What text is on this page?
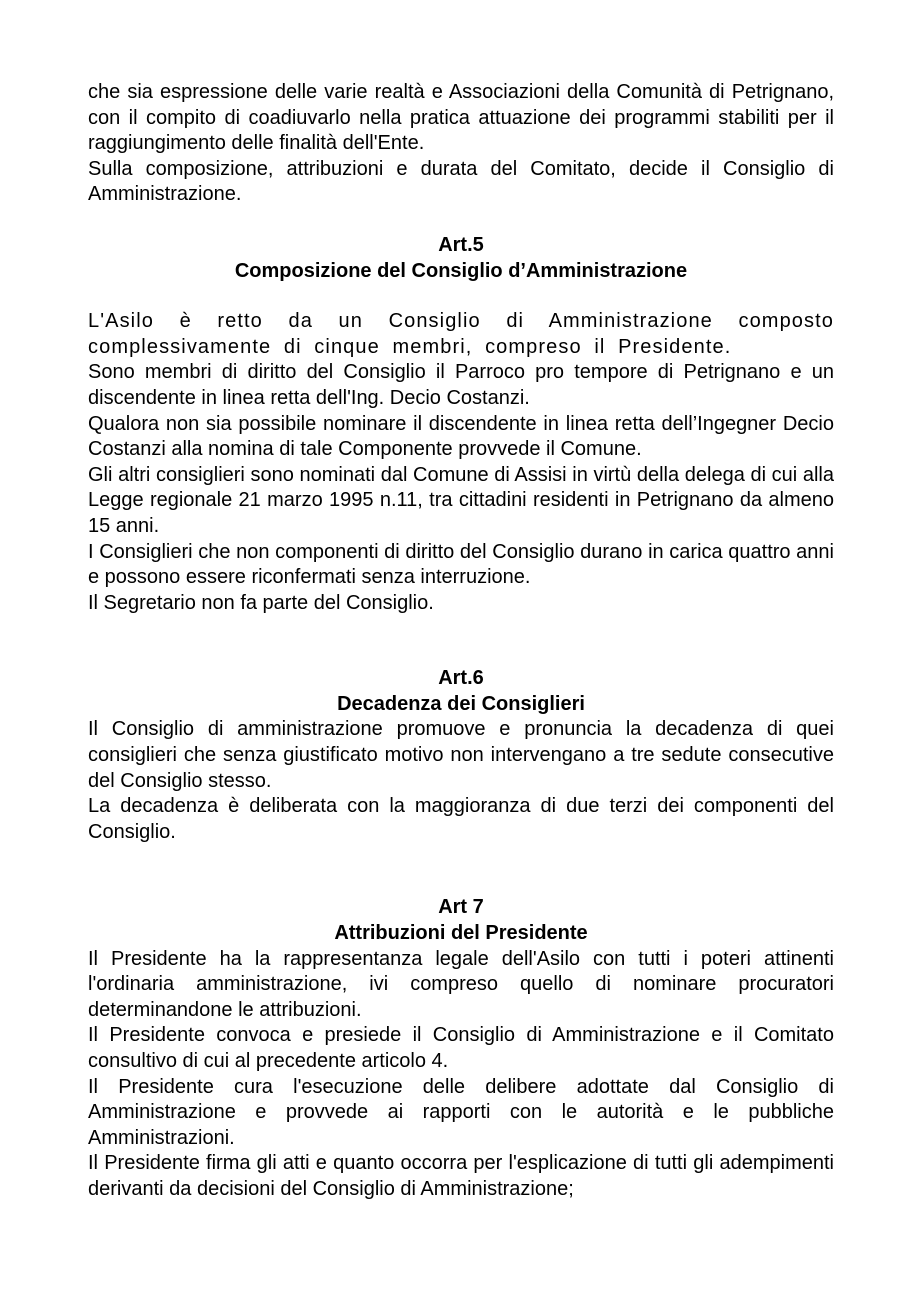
che sia espressione delle varie realtà e Associazioni della Comunità di Petrignano, con il compito di coadiuvarlo nella pratica attuazione dei programmi stabiliti per il raggiungimento delle finalità dell'Ente.

Sulla composizione, attribuzioni e durata del Comitato, decide il Consiglio di Amministrazione.

Art.5

Composizione del Consiglio d’Amministrazione

L'Asilo è retto da un Consiglio di Amministrazione composto complessivamente di cinque membri, compreso il Presidente.

Sono membri di diritto del Consiglio il Parroco pro tempore di Petrignano e un discendente in linea retta dell'Ing. Decio Costanzi.

Qualora non sia possibile nominare il discendente in linea retta dell’Ingegner Decio Costanzi alla nomina di tale Componente provvede il Comune.

Gli altri consiglieri sono nominati dal Comune di Assisi in virtù della delega di cui alla Legge regionale 21 marzo 1995 n.11, tra cittadini residenti in Petrignano da almeno 15 anni.

I Consiglieri che non componenti di diritto del Consiglio durano in carica quattro anni e possono essere riconfermati senza interruzione.

Il Segretario non fa parte del Consiglio.

Art.6

Decadenza dei Consiglieri

Il Consiglio di amministrazione promuove e pronuncia la decadenza di quei consiglieri che senza giustificato motivo non intervengano a tre sedute consecutive del Consiglio stesso.

La decadenza è deliberata con la maggioranza di due terzi dei componenti del Consiglio.

Art 7

Attribuzioni del Presidente

Il Presidente ha la rappresentanza legale dell'Asilo con tutti i poteri attinenti l'ordinaria amministrazione, ivi compreso quello di nominare procuratori determinandone le attribuzioni.

Il Presidente convoca e presiede il Consiglio di Amministrazione e il Comitato consultivo di cui al precedente articolo 4.

Il Presidente cura l'esecuzione delle delibere adottate dal Consiglio di Amministrazione e provvede ai rapporti con le autorità e le pubbliche Amministrazioni.

Il Presidente firma gli atti e quanto occorra per l'esplicazione di tutti gli adempimenti derivanti da decisioni del Consiglio di Amministrazione;
